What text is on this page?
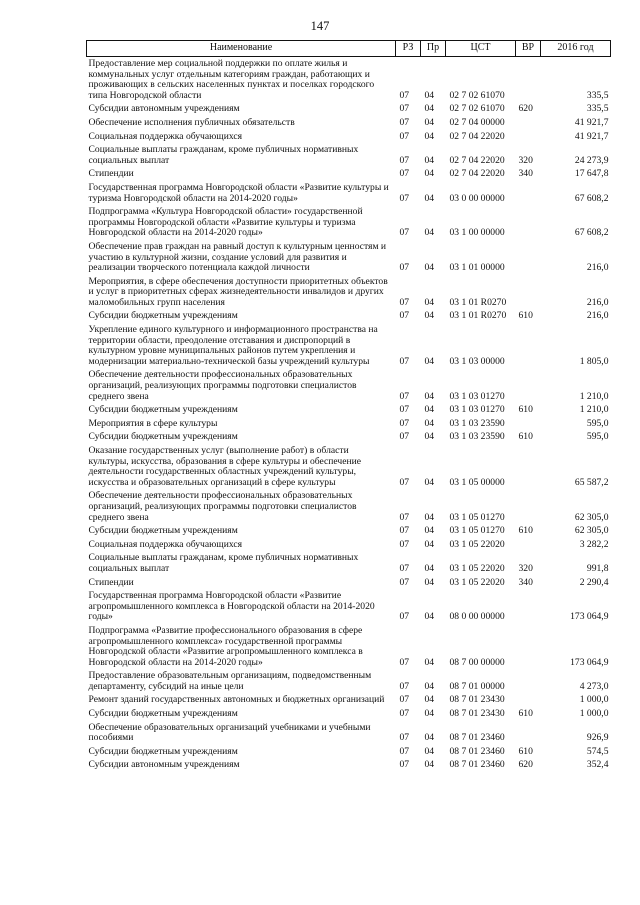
147
Наименование	РЗ	Пр	ЦСТ	ВР	2016 год
Предоставление мер социальной поддержки по оплате жилья и коммунальных услуг отдельным категориям граждан, работающих и проживающих в сельских населенных пунктах и поселках городского типа Новгородской области	07	04	02 7 02 61070		335,5
Субсидии автономным учреждениям	07	04	02 7 02 61070	620	335,5
Обеспечение исполнения публичных обязательств	07	04	02 7 04 00000		41 921,7
Социальная поддержка обучающихся	07	04	02 7 04 22020		41 921,7
Социальные выплаты гражданам, кроме публичных нормативных социальных выплат	07	04	02 7 04 22020	320	24 273,9
Стипендии	07	04	02 7 04 22020	340	17 647,8
Государственная программа Новгородской области «Развитие культуры и туризма Новгородской области на 2014-2020 годы»	07	04	03 0 00 00000		67 608,2
Подпрограмма «Культура Новгородской области» государственной программы Новгородской области «Развитие культуры и туризма Новгородской области на 2014-2020 годы»	07	04	03 1 00 00000		67 608,2
Обеспечение прав граждан на равный доступ к культурным ценностям и участию в культурной жизни, создание условий для развития и реализации творческого потенциала каждой личности	07	04	03 1 01 00000		216,0
Мероприятия, в сфере обеспечения доступности приоритетных объектов и услуг в приоритетных сферах жизнедеятельности инвалидов и других маломобильных групп населения	07	04	03 1 01 R0270		216,0
Субсидии бюджетным учреждениям	07	04	03 1 01 R0270	610	216,0
Укрепление единого культурного и информационного пространства на территории области, преодоление отставания и диспропорций в культурном уровне муниципальных районов путем укрепления и модернизации материально-технической базы учреждений культуры	07	04	03 1 03 00000		1 805,0
Обеспечение деятельности профессиональных образовательных организаций, реализующих программы подготовки специалистов среднего звена	07	04	03 1 03 01270		1 210,0
Субсидии бюджетным учреждениям	07	04	03 1 03 01270	610	1 210,0
Мероприятия в сфере культуры	07	04	03 1 03 23590		595,0
Субсидии бюджетным учреждениям	07	04	03 1 03 23590	610	595,0
Оказание государственных услуг (выполнение работ) в области культуры, искусства, образования в сфере культуры и обеспечение деятельности государственных областных учреждений культуры, искусства и образовательных организаций в сфере культуры	07	04	03 1 05 00000		65 587,2
Обеспечение деятельности профессиональных образовательных организаций, реализующих программы подготовки специалистов среднего звена	07	04	03 1 05 01270		62 305,0
Субсидии бюджетным учреждениям	07	04	03 1 05 01270	610	62 305,0
Социальная поддержка обучающихся	07	04	03 1 05 22020		3 282,2
Социальные выплаты гражданам, кроме публичных нормативных социальных выплат	07	04	03 1 05 22020	320	991,8
Стипендии	07	04	03 1 05 22020	340	2 290,4
Государственная программа Новгородской области «Развитие агропромышленного комплекса в Новгородской области на 2014-2020 годы»	07	04	08 0 00 00000		173 064,9
Подпрограмма «Развитие профессионального образования в сфере агропромышленного комплекса» государственной программы Новгородской области «Развитие агропромышленного комплекса в Новгородской области на 2014-2020 годы»	07	04	08 7 00 00000		173 064,9
Предоставление образовательным организациям, подведомственным департаменту, субсидий на иные цели	07	04	08 7 01 00000		4 273,0
Ремонт зданий государственных автономных и бюджетных организаций	07	04	08 7 01 23430		1 000,0
Субсидии бюджетным учреждениям	07	04	08 7 01 23430	610	1 000,0
Обеспечение образовательных организаций учебниками и учебными пособиями	07	04	08 7 01 23460		926,9
Субсидии бюджетным учреждениям	07	04	08 7 01 23460	610	574,5
Субсидии автономным учреждениям	07	04	08 7 01 23460	620	352,4
